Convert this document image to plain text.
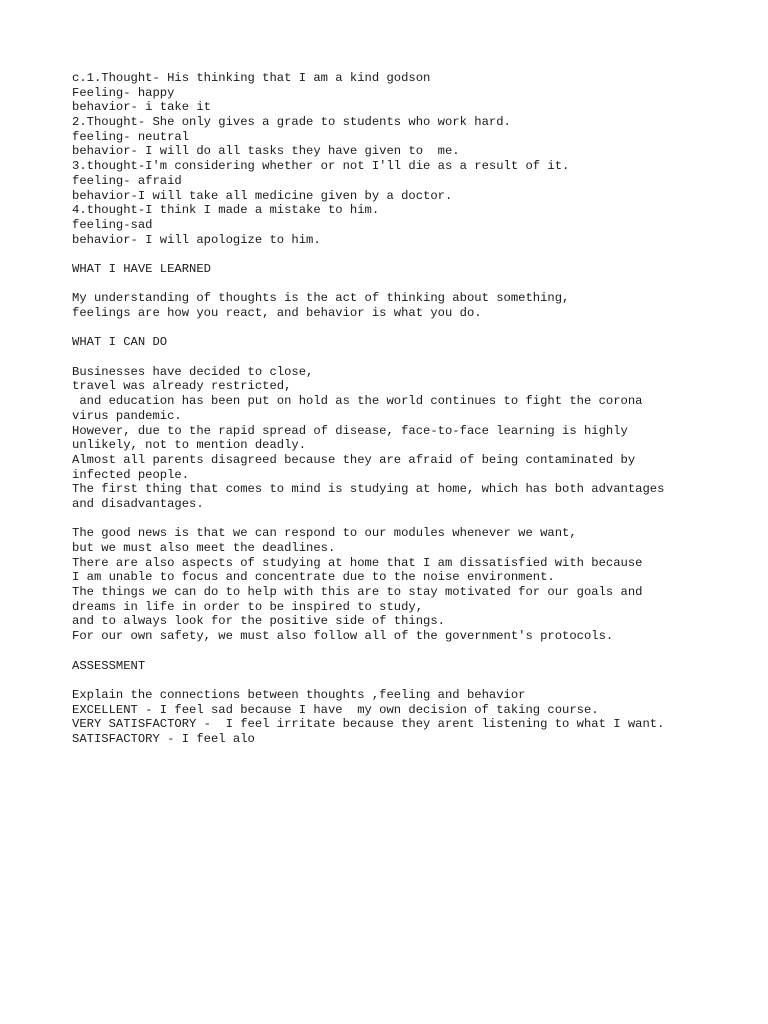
c.1.Thought- His thinking that I am a kind godson
Feeling- happy
behavior- i take it
2.Thought- She only gives a grade to students who work hard.
feeling- neutral
behavior- I will do all tasks they have given to  me.
3.thought-I'm considering whether or not I'll die as a result of it.
feeling- afraid
behavior-I will take all medicine given by a doctor.
4.thought-I think I made a mistake to him.
feeling-sad
behavior- I will apologize to him.
WHAT I HAVE LEARNED
My understanding of thoughts is the act of thinking about something,
feelings are how you react, and behavior is what you do.
WHAT I CAN DO
Businesses have decided to close,
travel was already restricted,
and education has been put on hold as the world continues to fight the corona
virus pandemic.
However, due to the rapid spread of disease, face-to-face learning is highly
unlikely, not to mention deadly.
Almost all parents disagreed because they are afraid of being contaminated by
infected people.
The first thing that comes to mind is studying at home, which has both advantages
and disadvantages.
The good news is that we can respond to our modules whenever we want,
but we must also meet the deadlines.
There are also aspects of studying at home that I am dissatisfied with because
I am unable to focus and concentrate due to the noise environment.
The things we can do to help with this are to stay motivated for our goals and
dreams in life in order to be inspired to study,
and to always look for the positive side of things.
For our own safety, we must also follow all of the government's protocols.
ASSESSMENT
Explain the connections between thoughts ,feeling and behavior
EXCELLENT - I feel sad because I have  my own decision of taking course.
VERY SATISFACTORY -  I feel irritate because they arent listening to what I want.
SATISFACTORY - I feel alo
